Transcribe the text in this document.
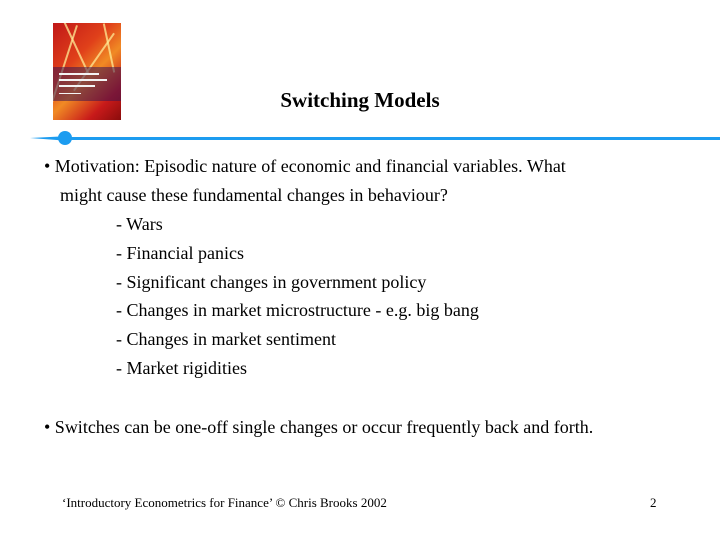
Switching Models
• Motivation: Episodic nature of economic and financial variables. What
might cause these fundamental changes in behaviour?
- Wars
- Financial panics
- Significant changes in government policy
- Changes in market microstructure - e.g. big bang
- Changes in market sentiment
- Market rigidities
• Switches can be one-off single changes or occur frequently back and forth.
‘Introductory Econometrics for Finance’ © Chris Brooks 2002	2
